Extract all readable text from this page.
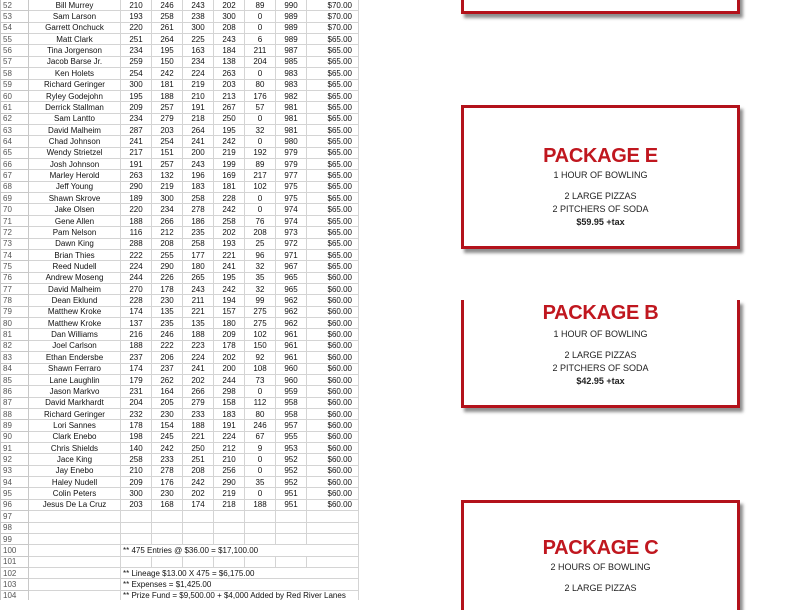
52	Bill Murrey	210	246	243	202	89	990	$70.00
53	Sam Larson	193	258	238	300	0	989	$70.00
54	Garrett Onchuck	220	261	300	208	0	989	$70.00
55	Matt Clark	251	264	225	243	6	989	$65.00
56	Tina Jorgenson	234	195	163	184	211	987	$65.00
57	Jacob Barse Jr.	259	150	234	138	204	985	$65.00
58	Ken Holets	254	242	224	263	0	983	$65.00
59	Richard Geringer	300	181	219	203	80	983	$65.00
60	Ryley Godejohn	195	188	210	213	176	982	$65.00
61	Derrick Stallman	209	257	191	267	57	981	$65.00
62	Sam Lantto	234	279	218	250	0	981	$65.00
63	David Malheim	287	203	264	195	32	981	$65.00
64	Chad Johnson	241	254	241	242	0	980	$65.00
65	Wendy Strietzel	217	151	200	219	192	979	$65.00
66	Josh Johnson	191	257	243	199	89	979	$65.00
67	Marley Herold	263	132	196	169	217	977	$65.00
68	Jeff Young	290	219	183	181	102	975	$65.00
69	Shawn Skrove	189	300	258	228	0	975	$65.00
70	Jake Olsen	220	234	278	242	0	974	$65.00
71	Gene Allen	188	266	186	258	76	974	$65.00
72	Pam Nelson	116	212	235	202	208	973	$65.00
73	Dawn King	288	208	258	193	25	972	$65.00
74	Brian Thies	222	255	177	221	96	971	$65.00
75	Reed Nudell	224	290	180	241	32	967	$65.00
76	Andrew Moseng	244	226	265	195	35	965	$60.00
77	David Malheim	270	178	243	242	32	965	$60.00
78	Dean Eklund	228	230	211	194	99	962	$60.00
79	Matthew Kroke	174	135	221	157	275	962	$60.00
80	Matthew Kroke	137	235	135	180	275	962	$60.00
81	Dan Williams	216	246	188	209	102	961	$60.00
82	Joel Carlson	188	222	223	178	150	961	$60.00
83	Ethan Endersbe	237	206	224	202	92	961	$60.00
84	Shawn Ferraro	174	237	241	200	108	960	$60.00
85	Lane Laughlin	179	262	202	244	73	960	$60.00
86	Jason Markvo	231	164	266	298	0	959	$60.00
87	David Markhardt	204	205	279	158	112	958	$60.00
88	Richard Geringer	232	230	233	183	80	958	$60.00
89	Lori Sannes	178	154	188	191	246	957	$60.00
90	Clark Enebo	198	245	221	224	67	955	$60.00
91	Chris Shields	140	242	250	212	9	953	$60.00
92	Jace King	258	233	251	210	0	952	$60.00
93	Jay Enebo	210	278	208	256	0	952	$60.00
94	Haley Nudell	209	176	242	290	35	952	$60.00
95	Colin Peters	300	230	202	219	0	951	$60.00
96	Jesus De La Cruz	203	168	174	218	188	951	$60.00
97								
98								
99								
100		** 475 Entries @ $36.00 = $17,100.00						
101								
102		** Lineage $13.00 X 475 = $6,175.00						
103		** Expenses = $1,425.00						
104		** Prize Fund = $9,500.00 + $4,000 Added by Red River Lanes						
PACKAGE E
1 HOUR OF BOWLING
2 LARGE PIZZAS
2 PITCHERS OF SODA
$59.95 +tax
PACKAGE B
1 HOUR OF BOWLING
2 LARGE PIZZAS
2 PITCHERS OF SODA
$42.95 +tax
PACKAGE C
2 HOURS OF BOWLING
2 LARGE PIZZAS
